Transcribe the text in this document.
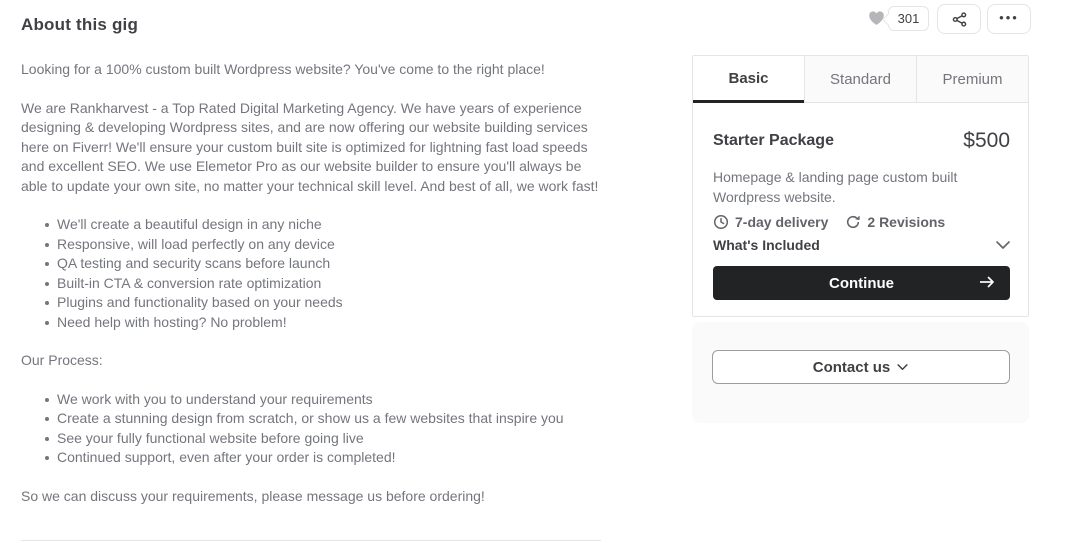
About this gig

Looking for a 100% custom built Wordpress website? You've come to the right place!

We are Rankharvest - a Top Rated Digital Marketing Agency. We have years of experience designing & developing Wordpress sites, and are now offering our website building services here on Fiverr! We'll ensure your custom built site is optimized for lightning fast load speeds and excellent SEO. We use Elemetor Pro as our website builder to ensure you'll always be able to update your own site, no matter your technical skill level. And best of all, we work fast!

We'll create a beautiful design in any niche
Responsive, will load perfectly on any device
QA testing and security scans before launch
Built-in CTA & conversion rate optimization
Plugins and functionality based on your needs
Need help with hosting? No problem!

Our Process:

We work with you to understand your requirements
Create a stunning design from scratch, or show us a few websites that inspire you
See your fully functional website before going live
Continued support, even after your order is completed!

So we can discuss your requirements, please message us before ordering!

301	•••
Basic	Standard	Premium
Starter Package	$500
Homepage & landing page custom built Wordpress website.
7-day delivery	2 Revisions
What's Included
Continue
Contact us
